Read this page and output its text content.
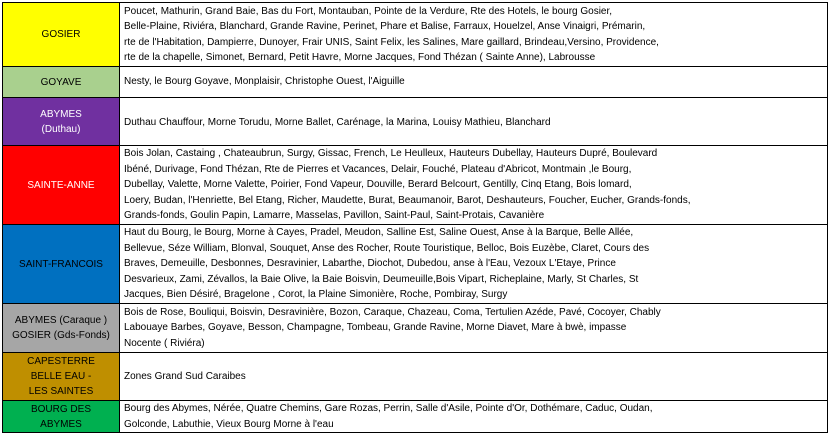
GOSIER	Poucet, Mathurin, Grand Baie, Bas du Fort, Montauban, Pointe de la Verdure, Rte des Hotels, le bourg Gosier,
Belle-Plaine, Riviéra, Blanchard, Grande Ravine, Perinet, Phare et Balise, Farraux, Houelzel, Anse Vinaigri, Prémarin,
rte de l'Habitation, Dampierre, Dunoyer, Frair UNIS, Saint Felix, les Salines, Mare gaillard, Brindeau,Versino, Providence,
rte de la chapelle, Simonet, Bernard, Petit Havre, Morne Jacques, Fond Thézan ( Sainte Anne), Labrousse

GOYAVE	Nesty, le Bourg Goyave, Monplaisir, Christophe Ouest, l'Aiguille

ABYMES
(Duthau)	Duthau Chauffour, Morne Torudu, Morne Ballet, Carénage, la Marina, Louisy Mathieu, Blanchard

SAINTE-ANNE	Bois Jolan, Castaing , Chateaubrun, Surgy, Gissac, French, Le Heulleux, Hauteurs Dubellay, Hauteurs Dupré, Boulevard
Ibéné, Durivage, Fond Thézan, Rte de Pierres et Vacances, Delair, Fouché, Plateau d'Abricot, Montmain ,le Bourg,
Dubellay, Valette, Morne Valette, Poirier, Fond Vapeur, Douville, Berard Belcourt, Gentilly, Cinq Etang, Bois lomard,
Loery, Budan, l'Henriette, Bel Etang, Richer, Maudette, Burat, Beaumanoir, Barot, Deshauteurs, Foucher, Eucher, Grands-fonds,
Grands-fonds, Goulin Papin, Lamarre, Masselas, Pavillon, Saint-Paul, Saint-Protais, Cavanière

SAINT-FRANCOIS	Haut du Bourg, le Bourg, Morne à Cayes, Pradel, Meudon, Salline Est, Saline Ouest, Anse à la Barque, Belle Allée,
Bellevue, Séze William, Blonval, Souquet, Anse des Rocher, Route Touristique, Belloc, Bois Euzèbe, Claret, Cours des
Braves, Demeuille, Desbonnes, Desravinier, Labarthe, Diochot, Dubedou, anse à l'Eau, Vezoux L'Etaye, Prince
Desvarieux, Zami, Zévallos, la Baie Olive, la Baie Boisvin, Deumeuille,Bois Vipart, Richeplaine, Marly, St Charles, St
Jacques, Bien Désiré, Bragelone , Corot, la Plaine Simonière, Roche, Pombiray, Surgy

ABYMES (Caraque )
GOSIER (Gds-Fonds)	Bois de Rose, Bouliqui, Boisvin, Desravinière, Bozon, Caraque, Chazeau, Coma, Tertulien Azéde, Pavé, Cocoyer, Chably
Labouaye Barbes, Goyave, Besson, Champagne, Tombeau, Grande Ravine, Morne Diavet, Mare à bwè, impasse
Nocente ( Riviéra)

CAPESTERRE
BELLE EAU -
LES SAINTES	Zones Grand Sud Caraibes

BOURG DES
ABYMES	Bourg des Abymes, Nérée, Quatre Chemins, Gare Rozas, Perrin, Salle d'Asile, Pointe d'Or, Dothémare, Caduc, Oudan,
Golconde, Labuthie, Vieux Bourg Morne à l'eau
